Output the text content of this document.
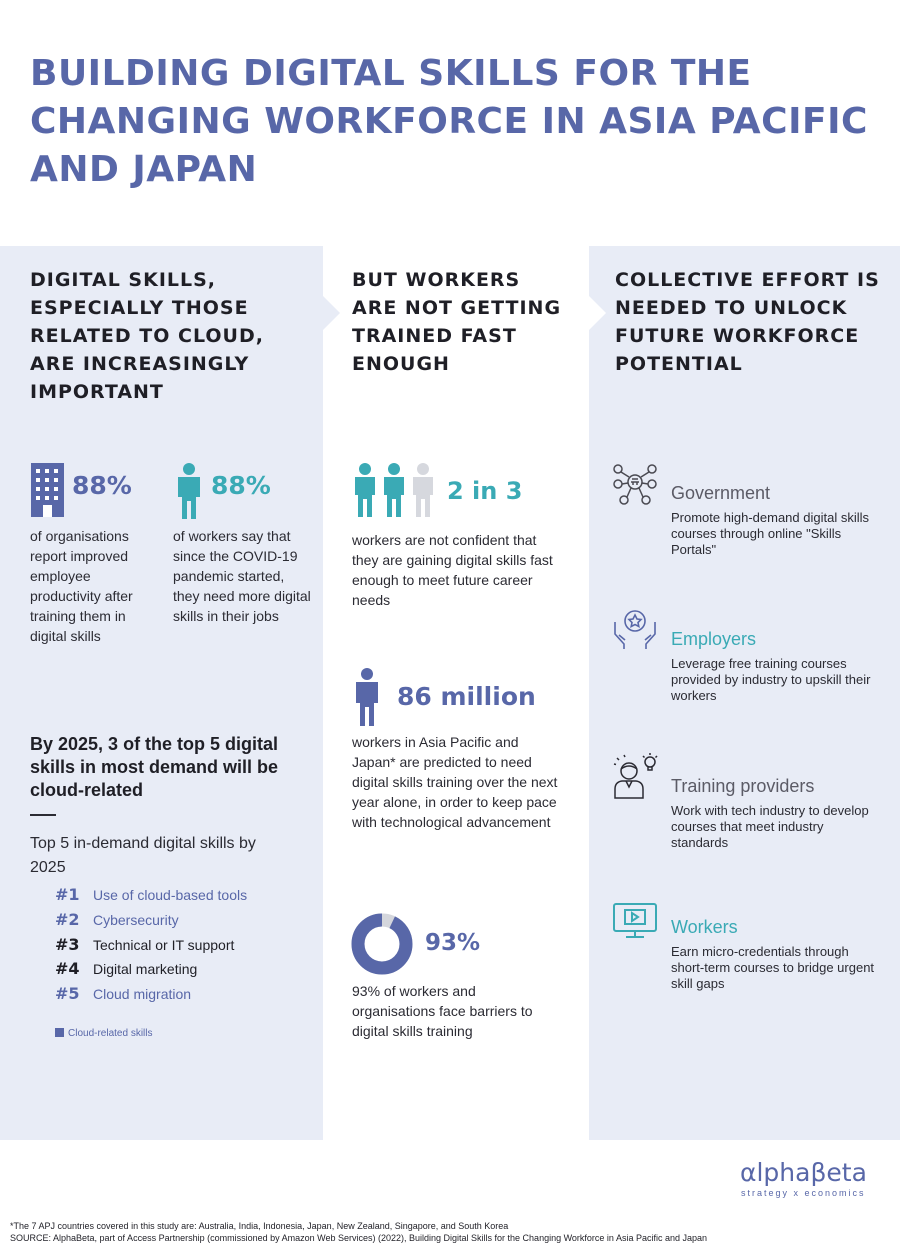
BUILDING DIGITAL SKILLS FOR THE CHANGING WORKFORCE IN ASIA PACIFIC AND JAPAN
DIGITAL SKILLS, ESPECIALLY THOSE RELATED TO CLOUD, ARE INCREASINGLY IMPORTANT
BUT WORKERS ARE NOT GETTING TRAINED FAST ENOUGH
COLLECTIVE EFFORT IS NEEDED TO UNLOCK FUTURE WORKFORCE POTENTIAL
88%
of organisations report improved employee productivity after training them in digital skills
88%
of workers say that since the COVID-19 pandemic started, they need more digital skills in their jobs
By 2025, 3 of the top 5 digital skills in most demand will be cloud-related
Top 5 in-demand digital skills by 2025
#1 Use of cloud-based tools
#2 Cybersecurity
#3 Technical or IT support
#4 Digital marketing
#5 Cloud migration
Cloud-related skills
2 in 3
workers are not confident that they are gaining digital skills fast enough to meet future career needs
86 million
workers in Asia Pacific and Japan* are predicted to need digital skills training over the next year alone, in order to keep pace with technological advancement
93%
93% of workers and organisations face barriers to digital skills training
Government
Promote high-demand digital skills courses through online "Skills Portals"
Employers
Leverage free training courses provided by industry to upskill their workers
Training providers
Work with tech industry to develop courses that meet industry standards
Workers
Earn micro-credentials through short-term courses to bridge urgent skill gaps
αlphaβeta
strategy x economics
*The 7 APJ countries covered in this study are: Australia, India, Indonesia, Japan, New Zealand, Singapore, and South Korea
SOURCE: AlphaBeta, part of Access Partnership (commissioned by Amazon Web Services) (2022), Building Digital Skills for the Changing Workforce in Asia Pacific and Japan
